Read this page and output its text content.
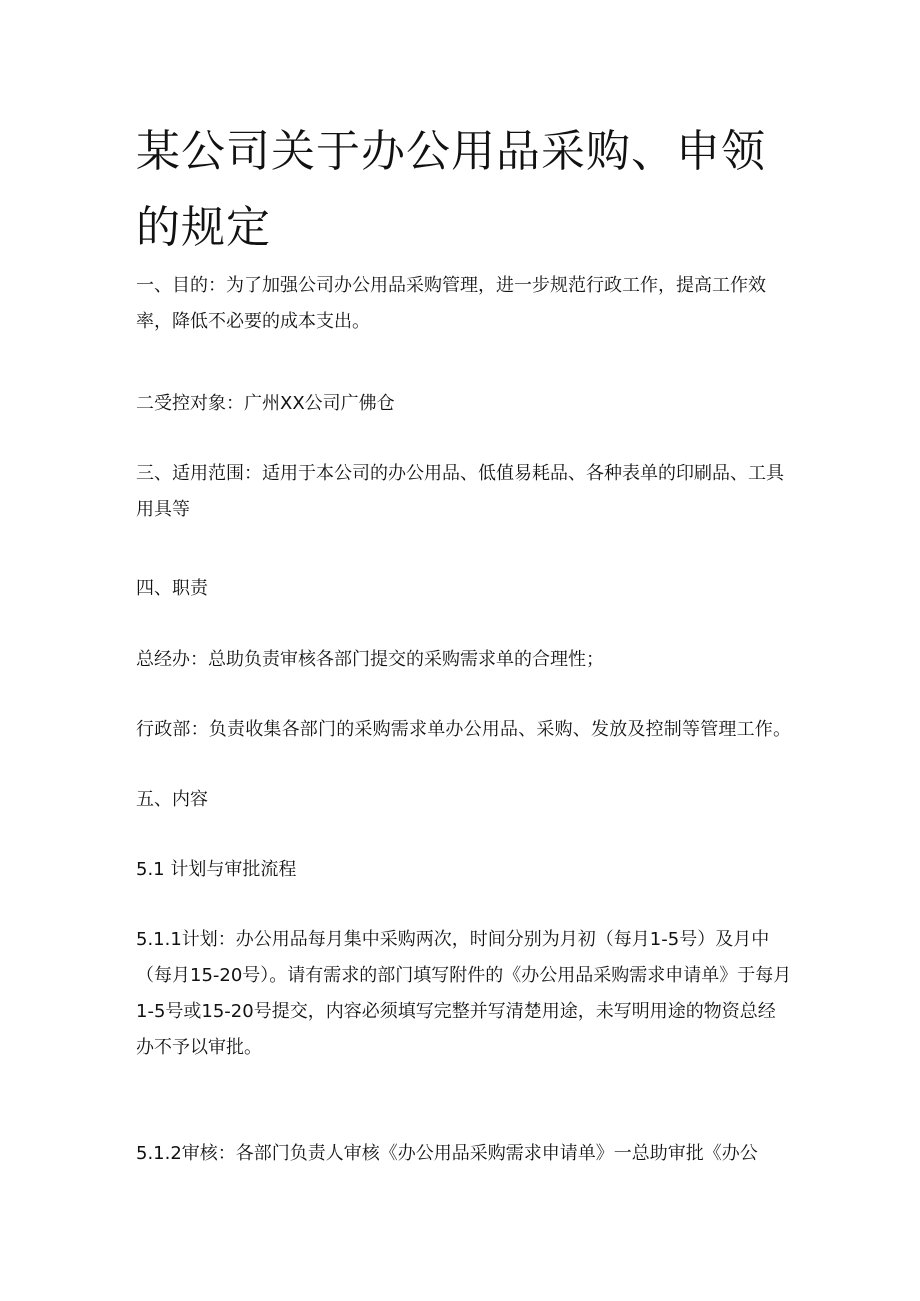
某公司关于办公用品采购、申领的规定

一、目的：为了加强公司办公用品采购管理，进一步规范行政工作，提高工作效率，降低不必要的成本支出。

二受控对象：广州XX公司广佛仓

三、适用范围：适用于本公司的办公用品、低值易耗品、各种表单的印刷品、工具用具等

四、职责

总经办：总助负责审核各部门提交的采购需求单的合理性；

行政部：负责收集各部门的采购需求单办公用品、采购、发放及控制等管理工作。

五、内容

5.1 计划与审批流程

5.1.1计划：办公用品每月集中采购两次，时间分别为月初（每月1-5号）及月中（每月15-20号）。请有需求的部门填写附件的《办公用品采购需求申请单》于每月1-5号或15-20号提交，内容必须填写完整并写清楚用途，未写明用途的物资总经办不予以审批。

5.1.2审核：各部门负责人审核《办公用品采购需求申请单》一总助审批《办公
